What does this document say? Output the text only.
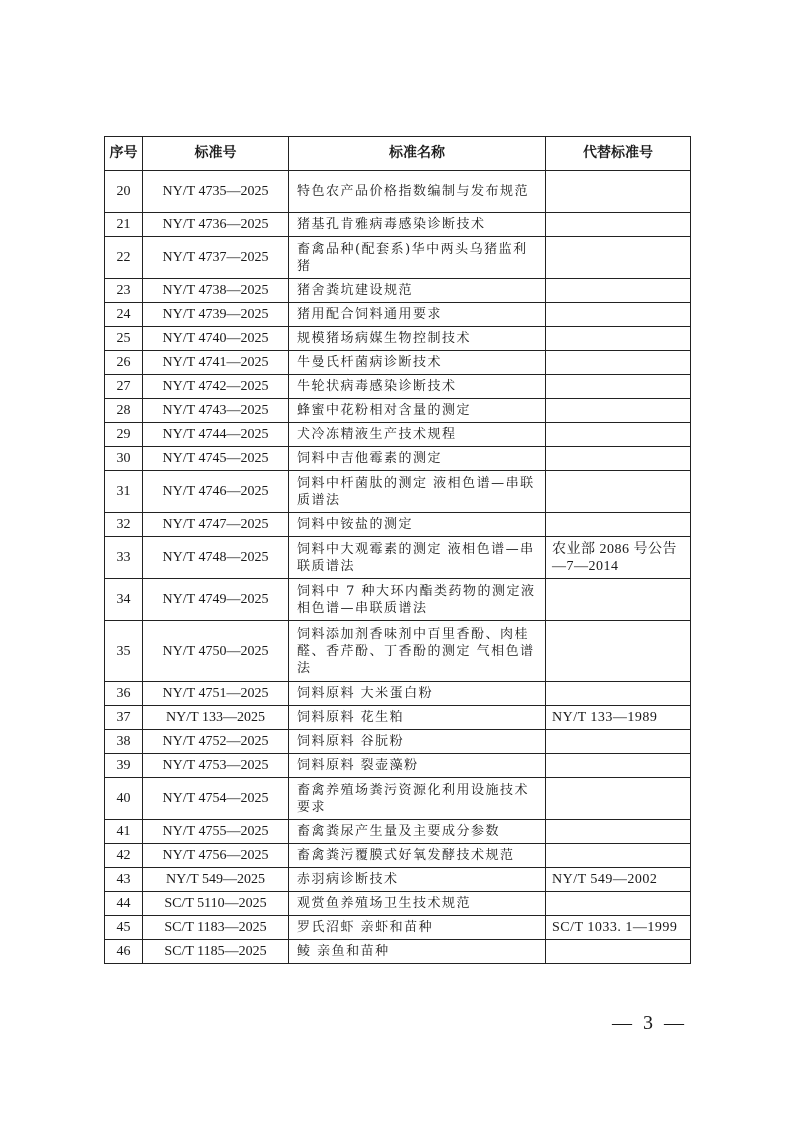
序号	标准号	标准名称	代替标准号
20	NY/T 4735—2025	特色农产品价格指数编制与发布规范	
21	NY/T 4736—2025	猪基孔肯雅病毒感染诊断技术	
22	NY/T 4737—2025	畜禽品种(配套系)华中两头乌猪监利猪	
23	NY/T 4738—2025	猪舍粪坑建设规范	
24	NY/T 4739—2025	猪用配合饲料通用要求	
25	NY/T 4740—2025	规模猪场病媒生物控制技术	
26	NY/T 4741—2025	牛曼氏杆菌病诊断技术	
27	NY/T 4742—2025	牛轮状病毒感染诊断技术	
28	NY/T 4743—2025	蜂蜜中花粉相对含量的测定	
29	NY/T 4744—2025	犬冷冻精液生产技术规程	
30	NY/T 4745—2025	饲料中吉他霉素的测定	
31	NY/T 4746—2025	饲料中杆菌肽的测定 液相色谱—串联质谱法	
32	NY/T 4747—2025	饲料中铵盐的测定	
33	NY/T 4748—2025	饲料中大观霉素的测定 液相色谱—串联质谱法	农业部 2086 号公告—7—2014
34	NY/T 4749—2025	饲料中 7 种大环内酯类药物的测定液相色谱—串联质谱法	
35	NY/T 4750—2025	饲料添加剂香味剂中百里香酚、肉桂醛、香芹酚、丁香酚的测定 气相色谱法	
36	NY/T 4751—2025	饲料原料 大米蛋白粉	
37	NY/T 133—2025	饲料原料 花生粕	NY/T 133—1989
38	NY/T 4752—2025	饲料原料 谷朊粉	
39	NY/T 4753—2025	饲料原料 裂壶藻粉	
40	NY/T 4754—2025	畜禽养殖场粪污资源化利用设施技术要求	
41	NY/T 4755—2025	畜禽粪尿产生量及主要成分参数	
42	NY/T 4756—2025	畜禽粪污覆膜式好氧发酵技术规范	
43	NY/T 549—2025	赤羽病诊断技术	NY/T 549—2002
44	SC/T 5110—2025	观赏鱼养殖场卫生技术规范	
45	SC/T 1183—2025	罗氏沼虾 亲虾和苗种	SC/T 1033. 1—1999
46	SC/T 1185—2025	鲮 亲鱼和苗种	
— 3 —
